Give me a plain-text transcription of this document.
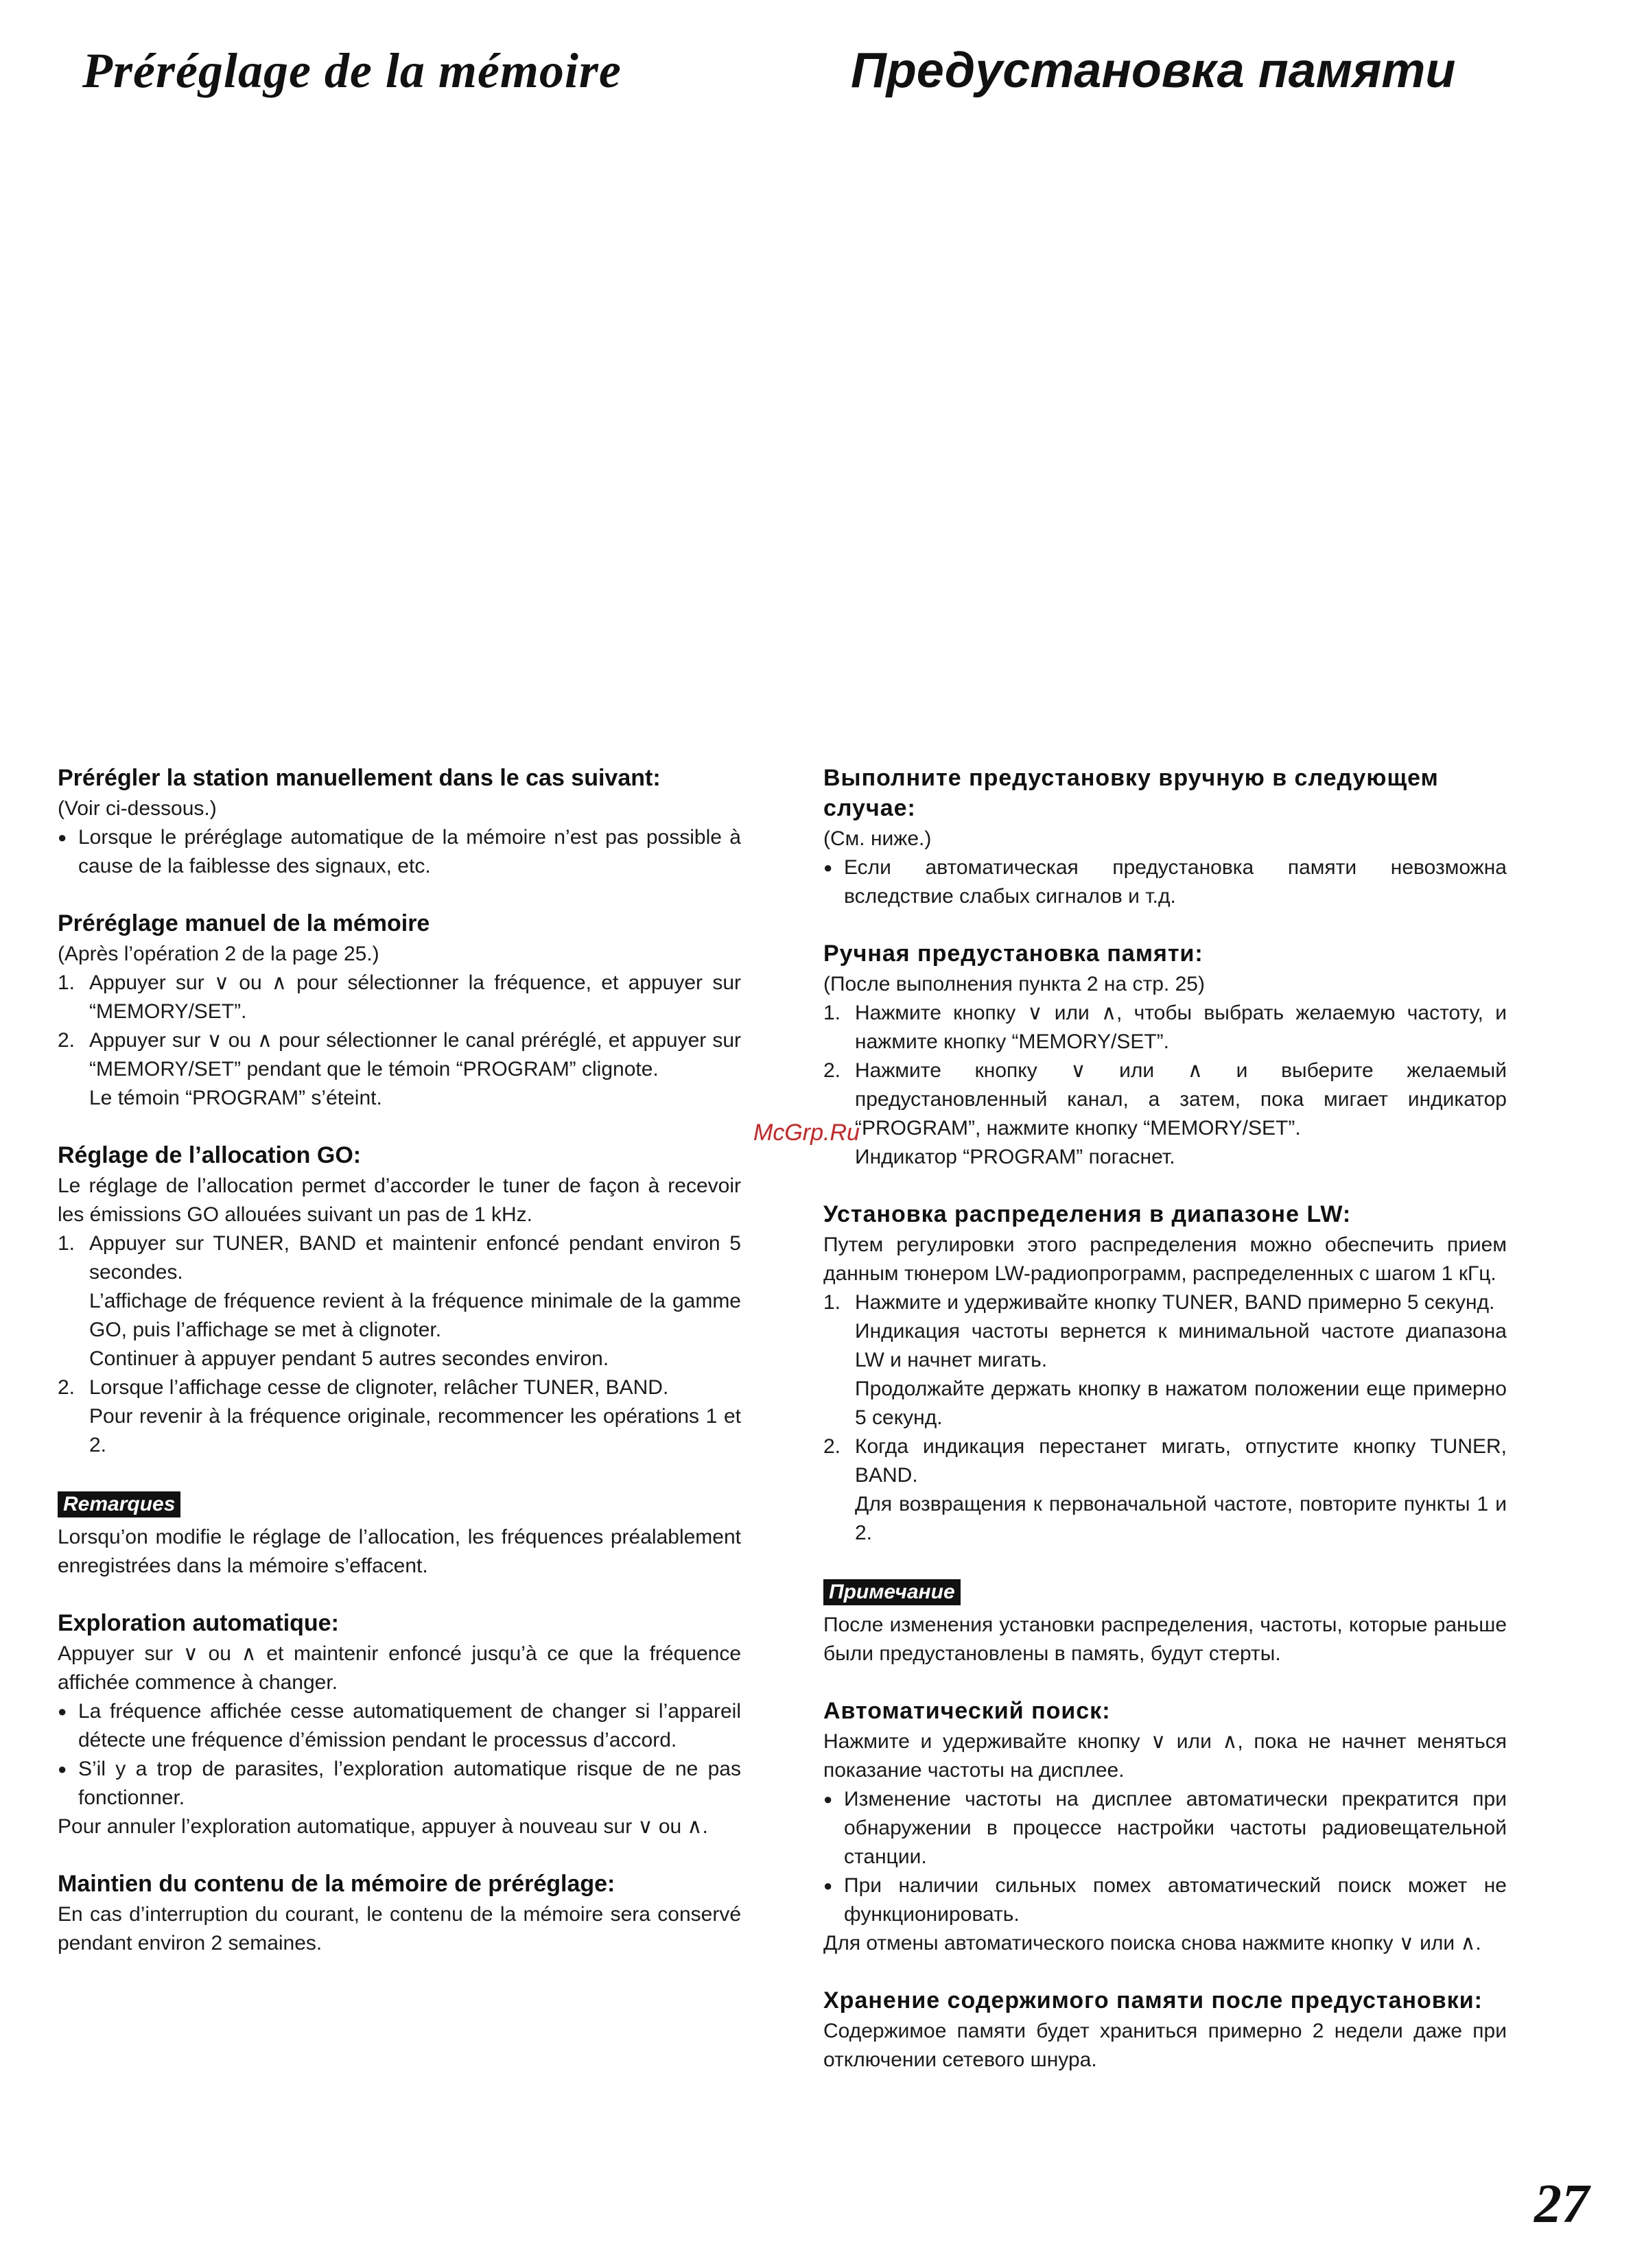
Préréglage de la mémoire	Предустановка памяти
Prérégler la station manuellement dans le cas suivant:

(Voir ci-dessous.)

● Lorsque le préréglage automatique de la mémoire n’est pas possible à cause de la faiblesse des signaux, etc.

Préréglage manuel de la mémoire

(Après l’opération 2 de la page 25.)

1. Appuyer sur ∨ ou ∧ pour sélectionner la fréquence, et appuyer sur “MEMORY/SET”.
2. Appuyer sur ∨ ou ∧ pour sélectionner le canal préréglé, et appuyer sur “MEMORY/SET” pendant que le témoin “PROGRAM” clignote.
Le témoin “PROGRAM” s’éteint.
Réglage de l’allocation GO:

Le réglage de l’allocation permet d’accorder le tuner de façon à recevoir les émissions GO allouées suivant un pas de 1 kHz.

1. Appuyer sur TUNER, BAND et maintenir enfoncé pendant environ 5 secondes.
L’affichage de fréquence revient à la fréquence minimale de la gamme GO, puis l’affichage se met à clignoter.
Continuer à appuyer pendant 5 autres secondes environ.
2. Lorsque l’affichage cesse de clignoter, relâcher TUNER, BAND.
Pour revenir à la fréquence originale, recommencer les opérations 1 et 2.
Remarques

Lorsqu’on modifie le réglage de l’allocation, les fréquences préalablement enregistrées dans la mémoire s’effacent.

Exploration automatique:

Appuyer sur ∨ ou ∧ et maintenir enfoncé jusqu’à ce que la fréquence affichée commence à changer.

● La fréquence affichée cesse automatiquement de changer si l’appareil détecte une fréquence d’émission pendant le processus d’accord.

● S’il y a trop de parasites, l’exploration automatique risque de ne pas fonctionner.

Pour annuler l’exploration automatique, appuyer à nouveau sur ∨ ou ∧.

Maintien du contenu de la mémoire de préréglage:

En cas d’interruption du courant, le contenu de la mémoire sera conservé pendant environ 2 semaines.

Выполните предустановку вручную в следующем случае:

(См. ниже.)

● Если автоматическая предустановка памяти невозможна вследствие слабых сигналов и т.д.

Ручная предустановка памяти:

(После выполнения пункта 2 на стр. 25)

1. Нажмите кнопку ∨ или ∧, чтобы выбрать желаемую частоту, и нажмите кнопку “MEMORY/SET”.
2. Нажмите кнопку ∨ или ∧ и выберите желаемый предустановленный канал, а затем, пока мигает индикатор “PROGRAM”, нажмите кнопку “MEMORY/SET”.
Индикатор “PROGRAM” погаснет.
Установка распределения в диапазоне LW:

Путем регулировки этого распределения можно обеспечить прием данным тюнером LW-радиопрограмм, распределенных с шагом 1 кГц.

1. Нажмите и удерживайте кнопку TUNER, BAND примерно 5 секунд.
Индикация частоты вернется к минимальной частоте диапазона LW и начнет мигать.
Продолжайте держать кнопку в нажатом положении еще примерно 5 секунд.
2. Когда индикация перестанет мигать, отпустите кнопку TUNER, BAND.
Для возвращения к первоначальной частоте, повторите пункты 1 и 2.
Примечание

После изменения установки распределения, частоты, которые раньше были предустановлены в память, будут стерты.

Автоматический поиск:

Нажмите и удерживайте кнопку ∨ или ∧, пока не начнет меняться показание частоты на дисплее.

● Изменение частоты на дисплее автоматически прекратится при обнаружении в процессе настройки частоты радиовещательной станции.

● При наличии сильных помех автоматический поиск может не функционировать.

Для отмены автоматического поиска снова нажмите кнопку ∨ или ∧.

Хранение содержимого памяти после предустановки:

Содержимое памяти будет храниться примерно 2 недели даже при отключении сетевого шнура.

McGrp.Ru
27
